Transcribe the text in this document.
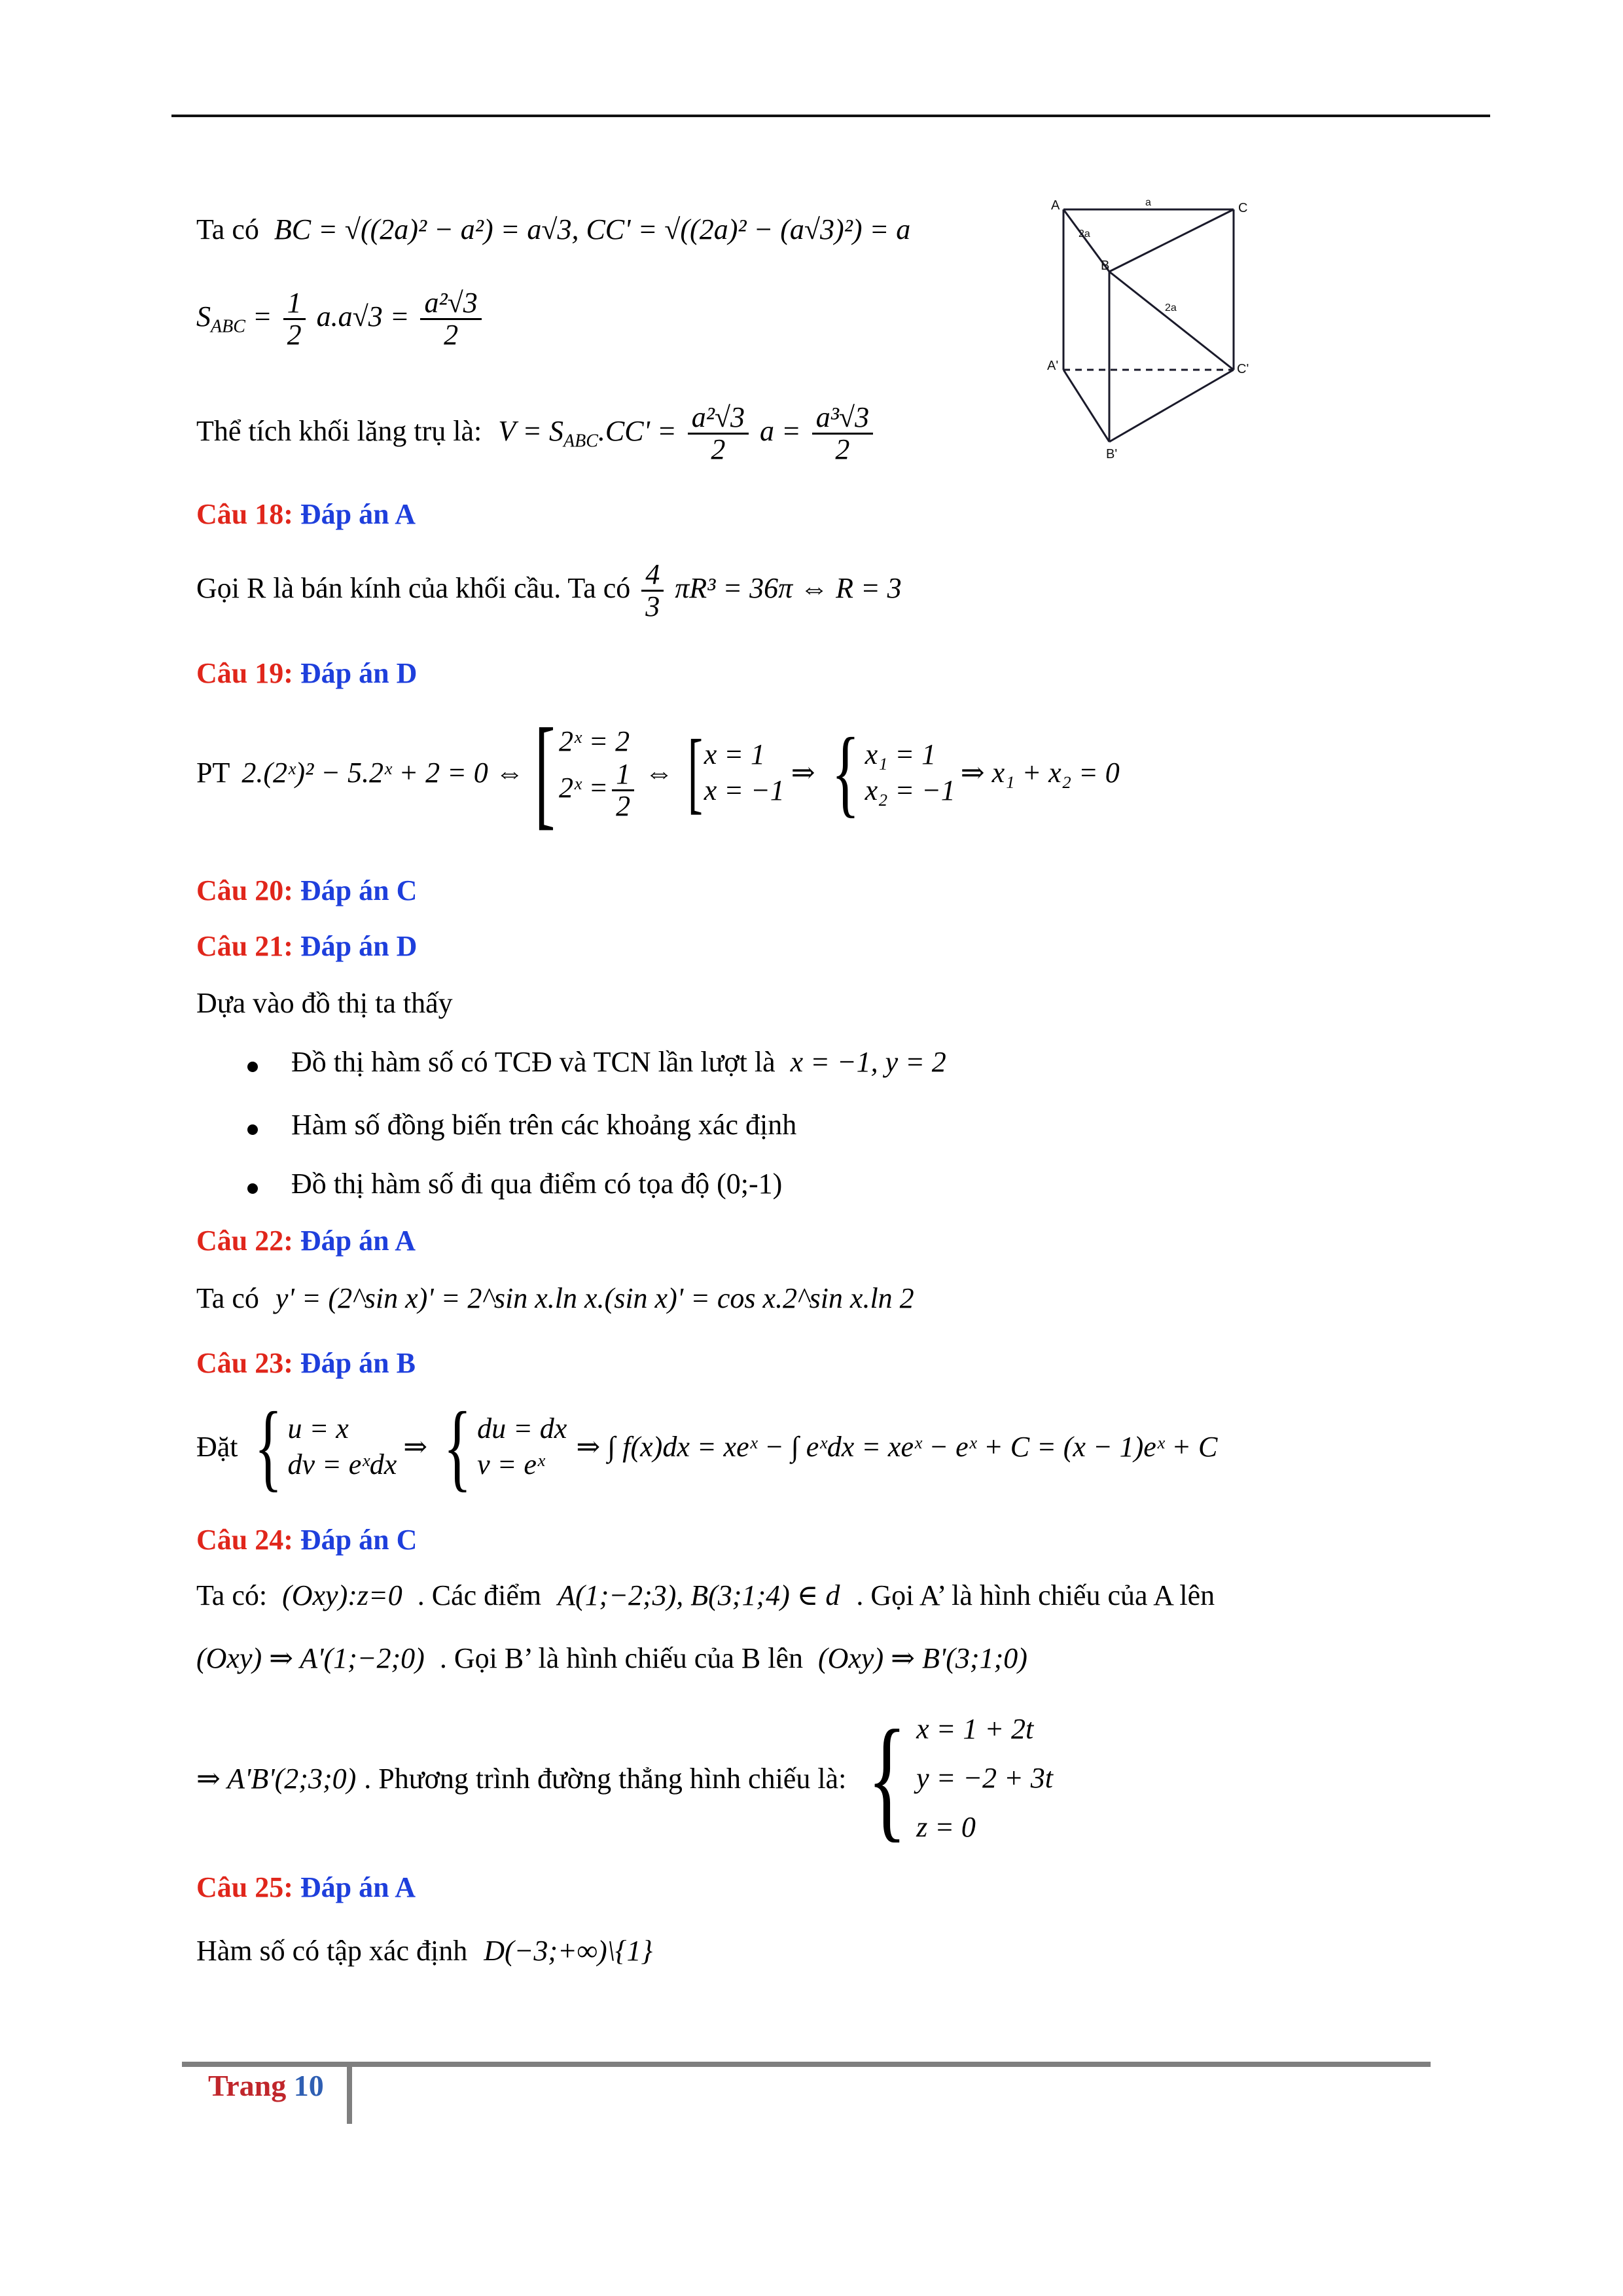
Ta có BC = √((2a)² − a²) = a√3, CC' = √((2a)² − (a√3)²) = a
$S_{ABC} = \frac{1}{2} a.a√3 = \frac{\text{a²√3}}{2}$
Thể tích khối lăng trụ là: $V = S_{ABC}.CC' = \frac{\text{a²√3}}{2}$ $a = \frac{\text{a³√3}}{2}$
A	C
B
A'	C'
B'
a
2a
2a
Câu 18: Đáp án A
Gọi R là bán kính của khối cầu. Ta có $\frac{4}{3} \pi R^3 = 36\pi$ ⇔ R = 3
Câu 19: Đáp án D
PT 2.(2ˣ)² − 5.2ˣ + 2 = 0 ⇔ [ 2ˣ = 2
2ˣ = $\frac{1}{2}$ ⇔ [ x = 1
x = −1
⇒ { x₁ = 1
x₂ = −1
⇒ x₁ + x₂ = 0
Câu 20: Đáp án C
Câu 21: Đáp án D
Dựa vào đồ thị ta thấy
Đồ thị hàm số có TCĐ và TCN lần lượt là x = −1, y = 2
Hàm số đồng biến trên các khoảng xác định
Đồ thị hàm số đi qua điểm có tọa độ (0;-1)
Câu 22: Đáp án A
Ta có y' = (2^sin x)' = 2^sin x.ln x.(sin x)' = cos x.2^sin x.ln 2
Câu 23: Đáp án B
Đặt { u = x
dv = eˣdx
⇒ { du = dx
v = eˣ
⇒ ∫ f(x)dx = xeˣ − ∫ eˣdx = xeˣ − eˣ + C = (x − 1)eˣ + C
Câu 24: Đáp án C
Ta có: (Oxy):z=0 . Các điểm A(1;−2;3), B(3;1;4) ∈ d . Gọi A’ là hình chiếu của A lên
(Oxy) ⇒ A'(1;−2;0) . Gọi B’ là hình chiếu của B lên (Oxy) ⇒ B'(3;1;0)
⇒ A'B'(2;3;0) . Phương trình đường thẳng hình chiếu là: { x = 1 + 2t
y = −2 + 3t
z = 0
Câu 25: Đáp án A
Hàm số có tập xác định D(−3;+∞)\{1}
Trang 10
